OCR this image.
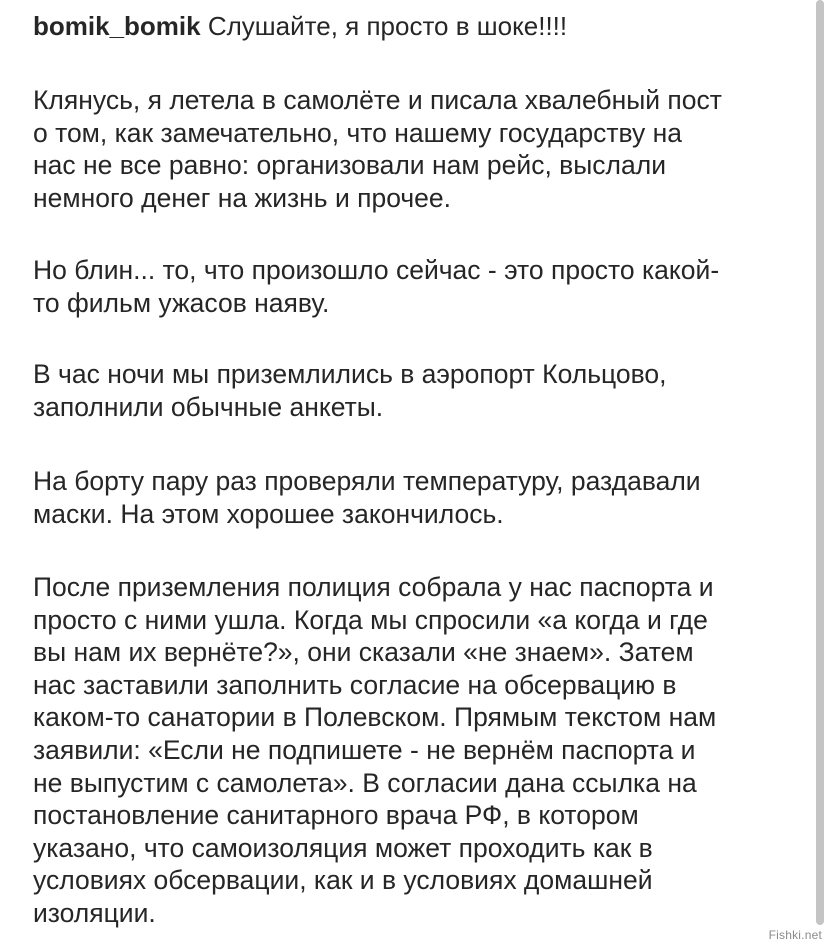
bomik_bomik Слушайте, я просто в шоке!!!!

Клянусь, я летела в самолёте и писала хвалебный пост
о том, как замечательно, что нашему государству на
нас не все равно: организовали нам рейс, выслали
немного денег на жизнь и прочее.

Но блин... то, что произошло сейчас - это просто какой-
то фильм ужасов наяву.

В час ночи мы приземлились в аэропорт Кольцово,
заполнили обычные анкеты.

На борту пару раз проверяли температуру, раздавали
маски. На этом хорошее закончилось.

После приземления полиция собрала у нас паспорта и
просто с ними ушла. Когда мы спросили «а когда и где
вы нам их вернёте?», они сказали «не знаем». Затем
нас заставили заполнить согласие на обсервацию в
каком-то санатории в Полевском. Прямым текстом нам
заявили: «Если не подпишете - не вернём паспорта и
не выпустим с самолета». В согласии дана ссылка на
постановление санитарного врача РФ, в котором
указано, что самоизоляция может проходить как в
условиях обсервации, как и в условиях домашней
изоляции.

Fishki.net
